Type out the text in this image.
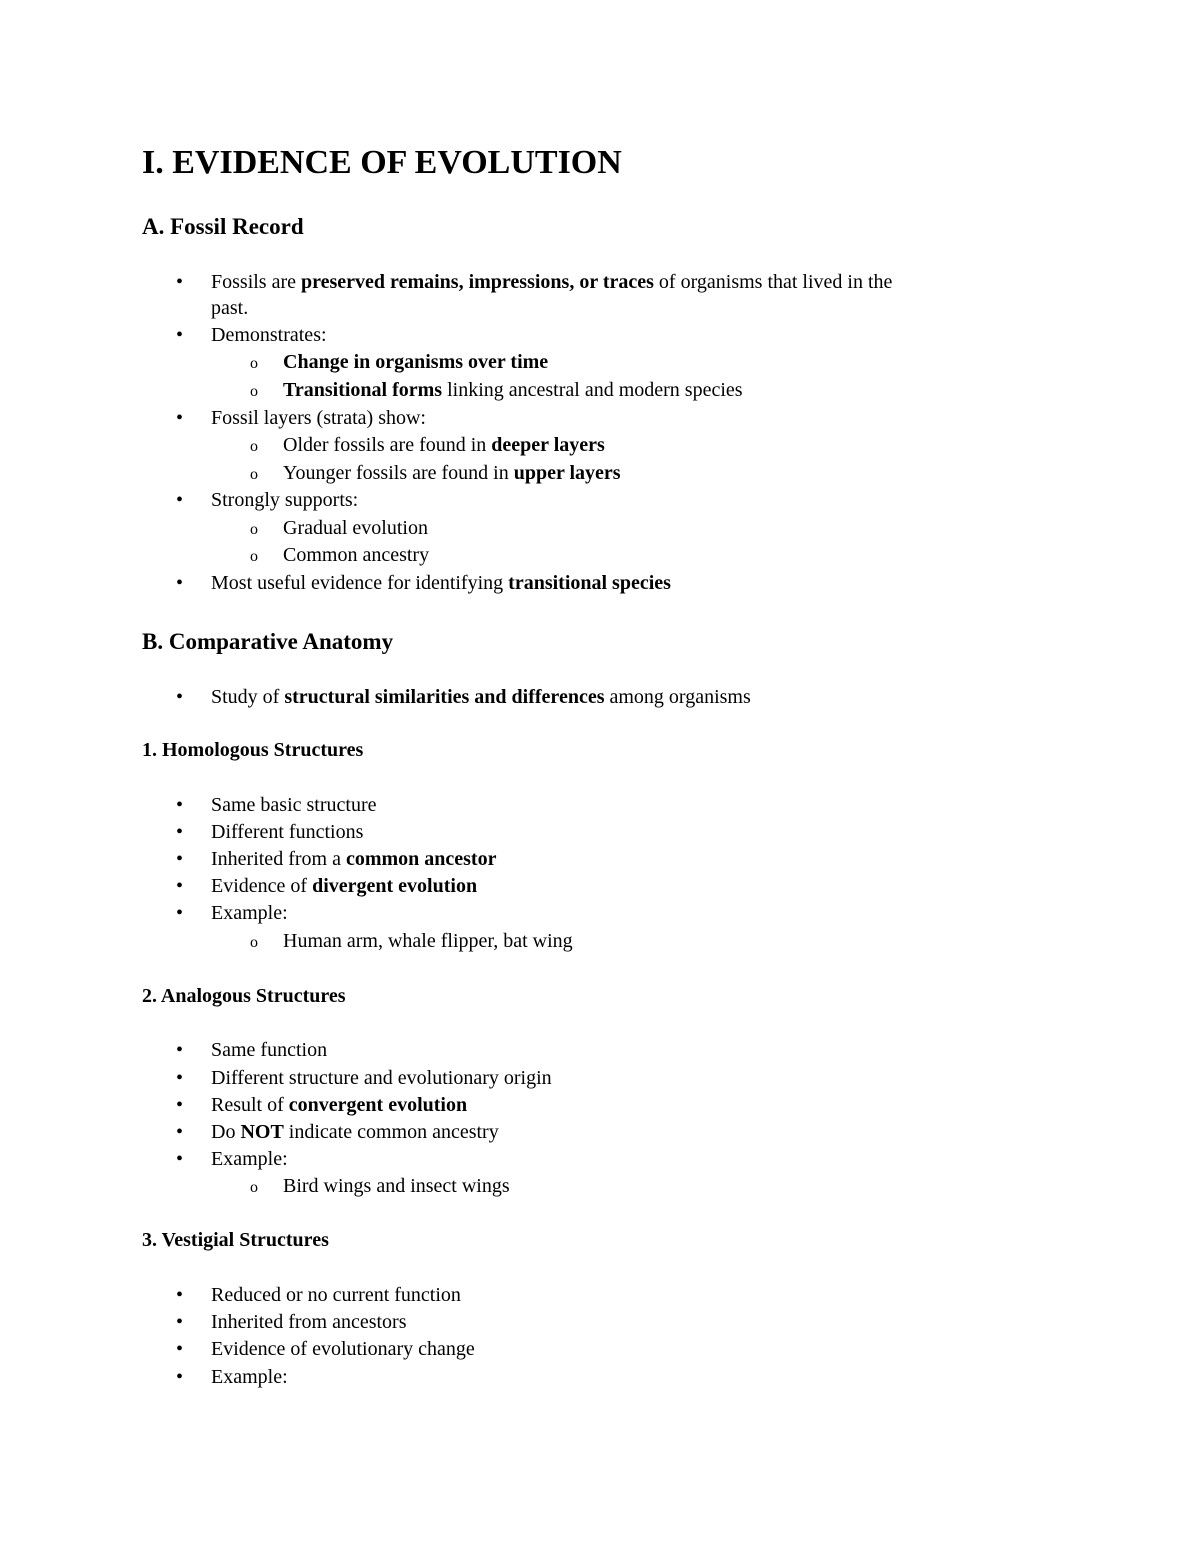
I. EVIDENCE OF EVOLUTION
A. Fossil Record
• Fossils are preserved remains, impressions, or traces of organisms that lived in the
past.
• Demonstrates:
o Change in organisms over time
o Transitional forms linking ancestral and modern species
• Fossil layers (strata) show:
o Older fossils are found in deeper layers
o Younger fossils are found in upper layers
• Strongly supports:
o Gradual evolution
o Common ancestry
• Most useful evidence for identifying transitional species
B. Comparative Anatomy
• Study of structural similarities and differences among organisms
1. Homologous Structures
• Same basic structure
• Different functions
• Inherited from a common ancestor
• Evidence of divergent evolution
• Example:
o Human arm, whale flipper, bat wing
2. Analogous Structures
• Same function
• Different structure and evolutionary origin
• Result of convergent evolution
• Do NOT indicate common ancestry
• Example:
o Bird wings and insect wings
3. Vestigial Structures
• Reduced or no current function
• Inherited from ancestors
• Evidence of evolutionary change
• Example:
